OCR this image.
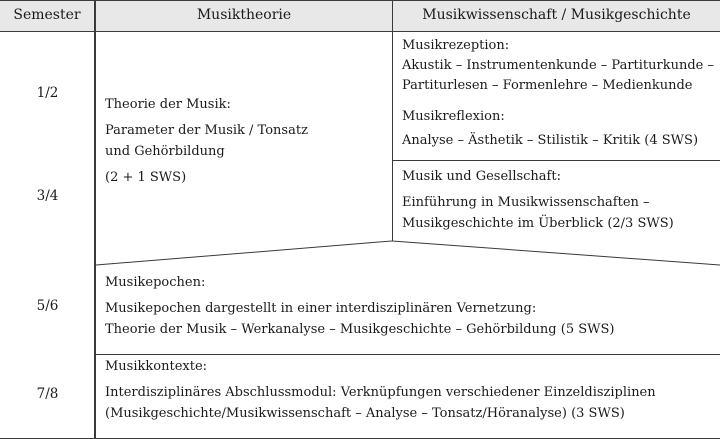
Semester	Musiktheorie	Musikwissenschaft / Musikgeschichte
1/2
3/4
5/6
7/8
Theorie der Musik:
Parameter der Musik / Tonsatz
und Gehörbildung
(2 + 1 SWS)
Musikrezeption:
Akustik – Instrumentenkunde – Partiturkunde –
Partiturlesen – Formenlehre – Medienkunde
Musikreflexion:
Analyse – Ästhetik – Stilistik – Kritik (4 SWS)
Musik und Gesellschaft:
Einführung in Musikwissenschaften –
Musikgeschichte im Überblick (2/3 SWS)
Musikepochen:
Musikepochen dargestellt in einer interdisziplinären Vernetzung:
Theorie der Musik – Werkanalyse – Musikgeschichte – Gehörbildung (5 SWS)
Musikkontexte:
Interdisziplinäres Abschlussmodul: Verknüpfungen verschiedener Einzeldisziplinen
(Musikgeschichte/Musikwissenschaft – Analyse – Tonsatz/Höranalyse) (3 SWS)
